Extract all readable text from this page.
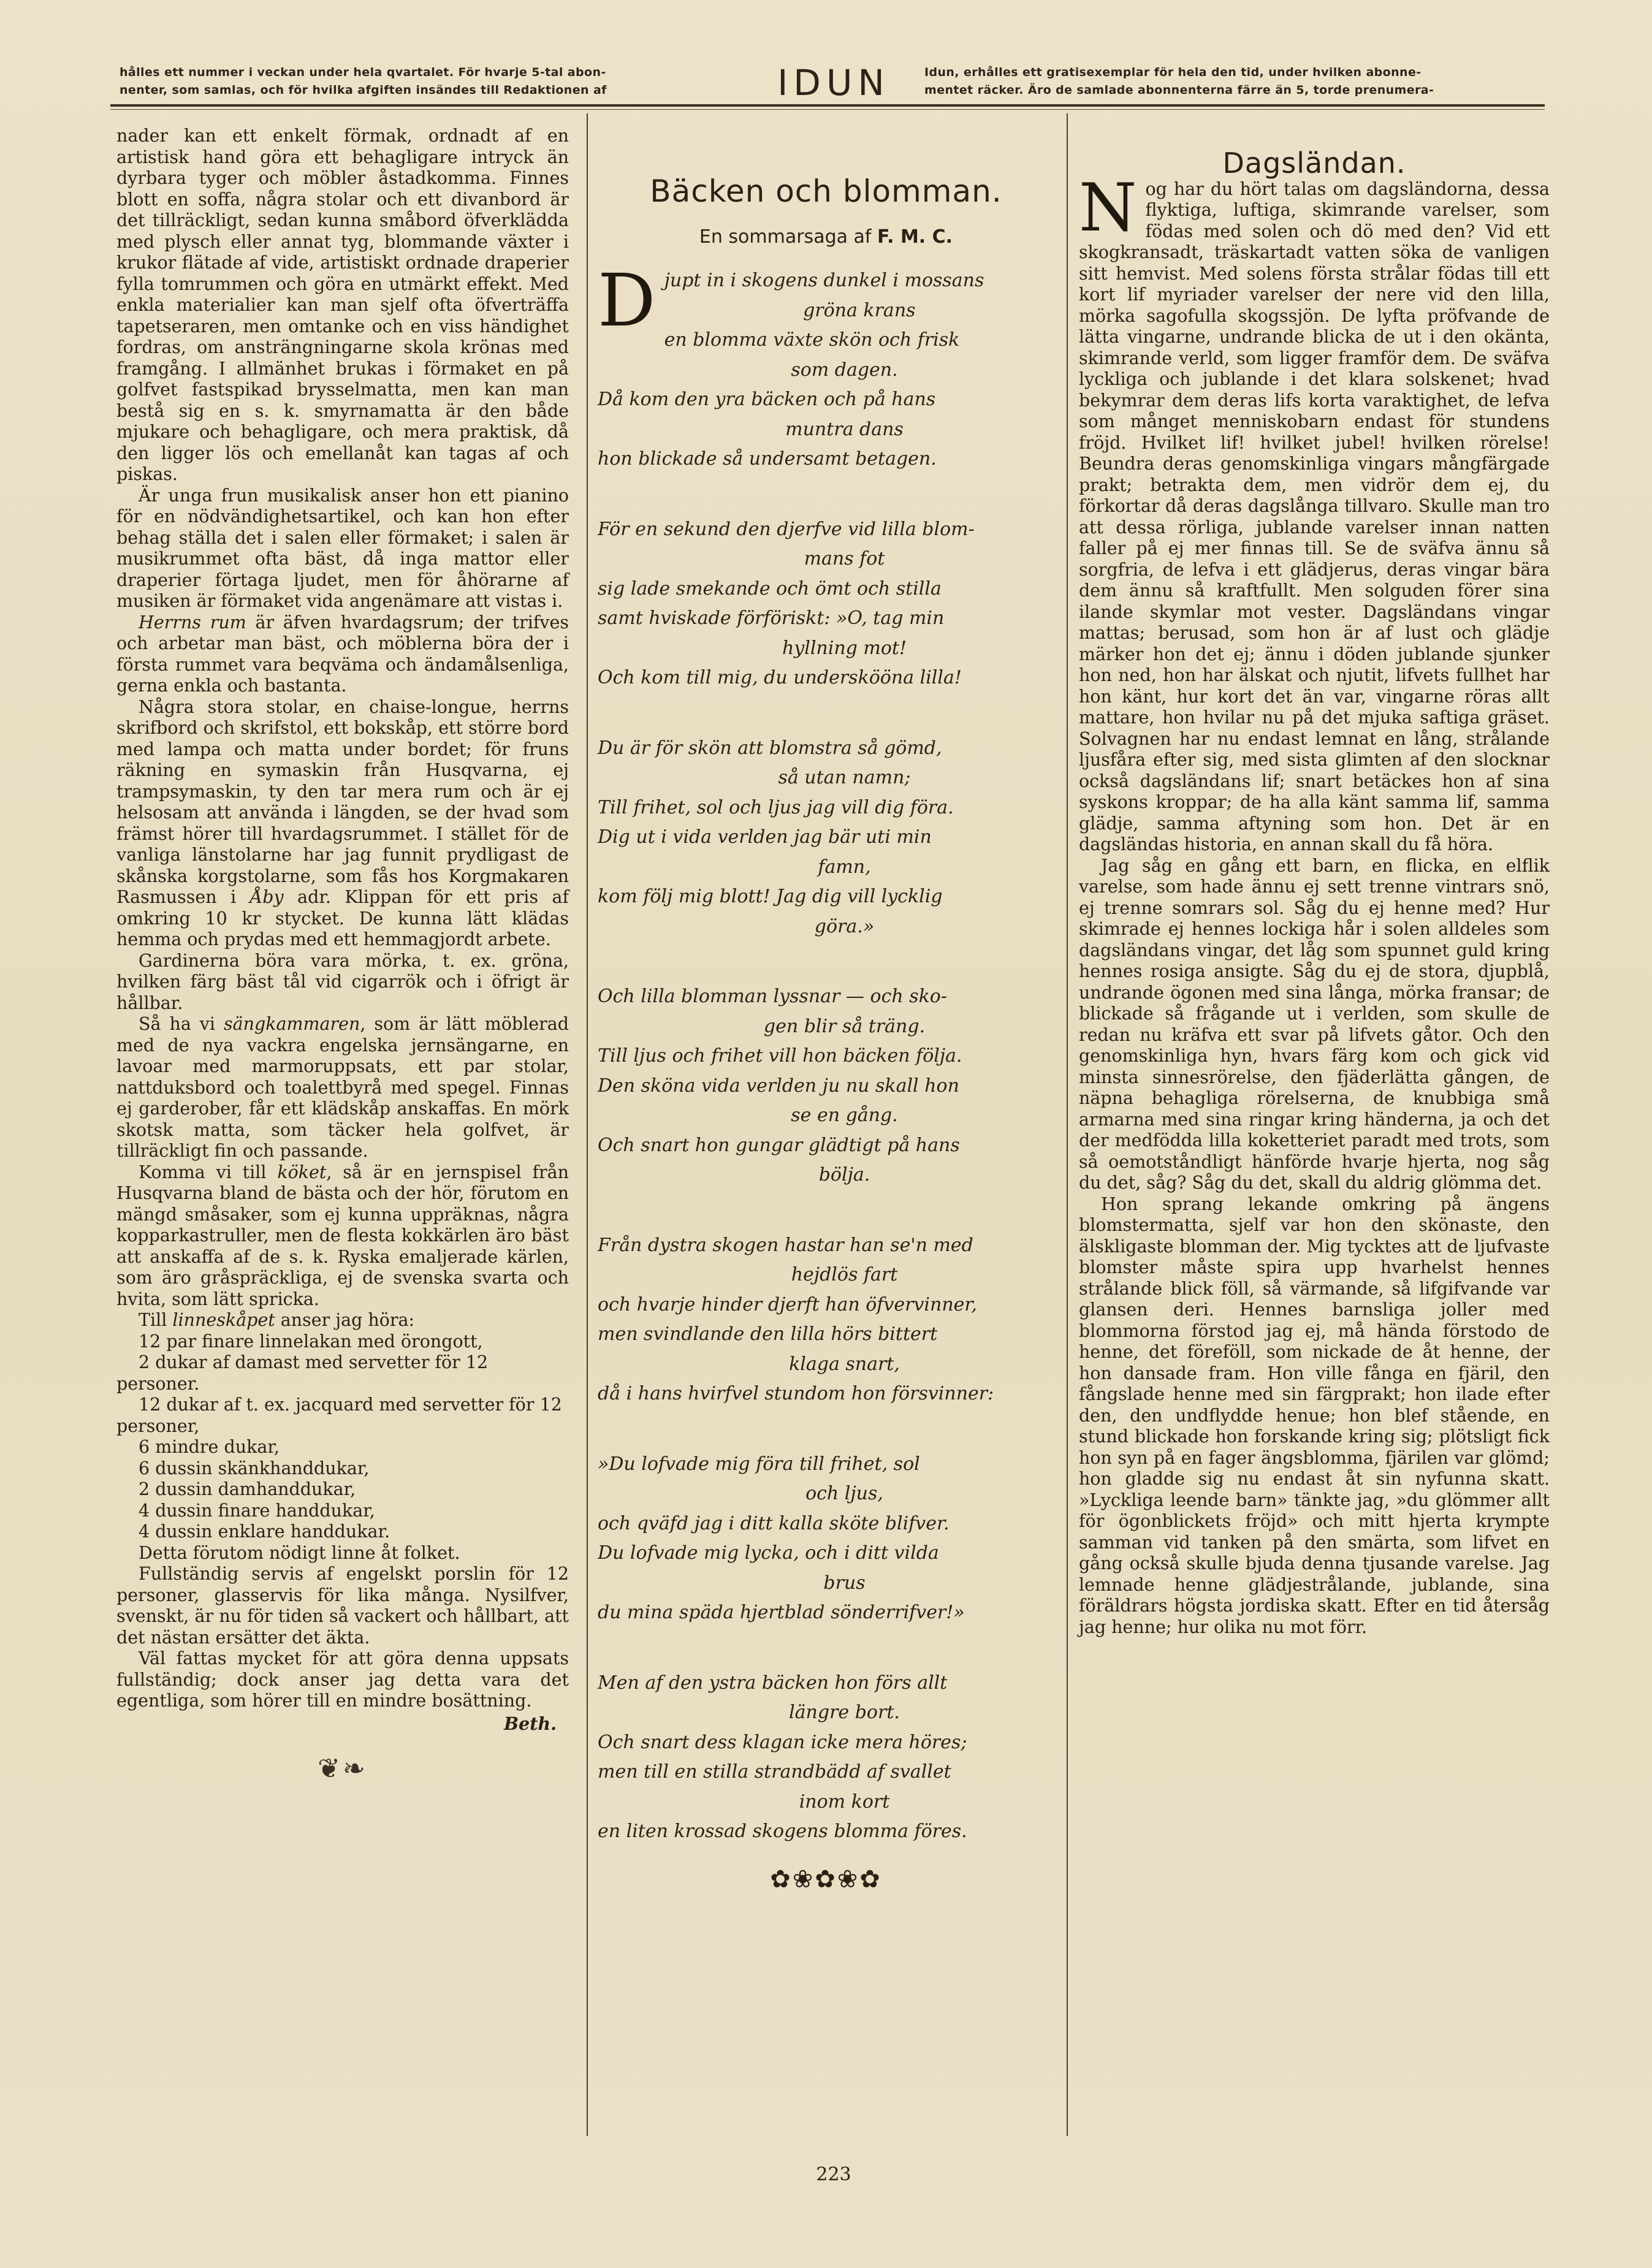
hålles ett nummer i veckan under hela qvartalet. För hvarje 5-tal abon-
nenter, som samlas, och för hvilka afgiften insändes till Redaktionen af	IDUN	Idun, erhålles ett gratisexemplar för hela den tid, under hvilken abonne-
mentet räcker. Äro de samlade abonnenterna färre än 5, torde prenumera-

nader kan ett enkelt förmak, ordnadt af en artistisk hand göra ett behagligare intryck än dyrbara tyger och möbler åstadkomma. Finnes blott en soffa, några stolar och ett divanbord är det tillräckligt, sedan kunna småbord öfverklädda med plysch eller annat tyg, blommande växter i krukor flätade af vide, artistiskt ordnade draperier fylla tomrummen och göra en utmärkt effekt. Med enkla materialier kan man sjelf ofta öfverträffa tapetseraren, men omtanke och en viss händighet fordras, om ansträngningarne skola krönas med framgång. I allmänhet brukas i förmaket en på golfvet fastspikad brysselmatta, men kan man bestå sig en s. k. smyrnamatta är den både mjukare och behagligare, och mera praktisk, då den ligger lös och emellanåt kan tagas af och piskas.

Är unga frun musikalisk anser hon ett pianino för en nödvändighetsartikel, och kan hon efter behag ställa det i salen eller förmaket; i salen är musikrummet ofta bäst, då inga mattor eller draperier förtaga ljudet, men för åhörarne af musiken är förmaket vida angenämare att vistas i.

Herrns rum är äfven hvardagsrum; der trifves och arbetar man bäst, och möblerna böra der i första rummet vara beqväma och ändamålsenliga, gerna enkla och bastanta.

Några stora stolar, en chaise-longue, herrns skrifbord och skrifstol, ett bokskåp, ett större bord med lampa och matta under bordet; för fruns räkning en symaskin från Husqvarna, ej trampsymaskin, ty den tar mera rum och är ej helsosam att använda i längden, se der hvad som främst hörer till hvardagsrummet. I stället för de vanliga länstolarne har jag funnit prydligast de skånska korgstolarne, som fås hos Korgmakaren Rasmussen i Åby adr. Klippan för ett pris af omkring 10 kr stycket. De kunna lätt klädas hemma och prydas med ett hemmagjordt arbete.

Gardinerna böra vara mörka, t. ex. gröna, hvilken färg bäst tål vid cigarrök och i öfrigt är hållbar.

Så ha vi sängkammaren, som är lätt möblerad med de nya vackra engelska jernsängarne, en lavoar med marmoruppsats, ett par stolar, nattduksbord och toalettbyrå med spegel. Finnas ej garderober, får ett klädskåp anskaffas. En mörk skotsk matta, som täcker hela golfvet, är tillräckligt fin och passande.

Komma vi till köket, så är en jernspisel från Husqvarna bland de bästa och der hör, förutom en mängd småsaker, som ej kunna uppräknas, några kopparkastruller, men de flesta kokkärlen äro bäst att anskaffa af de s. k. Ryska emaljerade kärlen, som äro gråspräckliga, ej de svenska svarta och hvita, som lätt spricka.

Till linneskåpet anser jag höra:

12 par finare linnelakan med örongott,

2 dukar af damast med servetter för 12 personer.

12 dukar af t. ex. jacquard med servetter för 12 personer,

6 mindre dukar,

6 dussin skänkhanddukar,

2 dussin damhanddukar,

4 dussin finare handdukar,

4 dussin enklare handdukar.

Detta förutom nödigt linne åt folket.

Fullständig servis af engelskt porslin för 12 personer, glasservis för lika många. Nysilfver, svenskt, är nu för tiden så vackert och hållbart, att det nästan ersätter det äkta.

Väl fattas mycket för att göra denna uppsats fullständig; dock anser jag detta vara det egentliga, som hörer till en mindre bosättning.

Beth.
❦❧
Bäcken och blomman.
En sommarsaga af F. M. C.
D jupt in i skogens dunkel i mossans
gröna krans
en blomma växte skön och frisk
som dagen.
Då kom den yra bäcken och på hans
muntra dans
hon blickade så undersamt betagen.
För en sekund den djerfve vid lilla blom-
mans fot
sig lade smekande och ömt och stilla
samt hviskade förföriskt: »O, tag min
hyllning mot!
Och kom till mig, du underskööna lilla!
Du är för skön att blomstra så gömd,
så utan namn;
Till frihet, sol och ljus jag vill dig föra.
Dig ut i vida verlden jag bär uti min
famn,
kom följ mig blott! Jag dig vill lycklig
göra.»
Och lilla blomman lyssnar — och sko-
gen blir så träng.
Till ljus och frihet vill hon bäcken följa.
Den sköna vida verlden ju nu skall hon
se en gång.
Och snart hon gungar glädtigt på hans
bölja.
Från dystra skogen hastar han se'n med
hejdlös fart
och hvarje hinder djerft han öfvervinner,
men svindlande den lilla hörs bittert
klaga snart,
då i hans hvirfvel stundom hon försvinner:
»Du lofvade mig föra till frihet, sol
och ljus,
och qväfd jag i ditt kalla sköte blifver.
Du lofvade mig lycka, och i ditt vilda
brus
du mina späda hjertblad sönderrifver!»
Men af den ystra bäcken hon förs allt
längre bort.
Och snart dess klagan icke mera höres;
men till en stilla strandbädd af svallet
inom kort
en liten krossad skogens blomma föres.
✿❀✿❀✿
Dagsländan.

Nog har du hört talas om dagsländorna, dessa flyktiga, luftiga, skimrande varelser, som födas med solen och dö med den? Vid ett skogkransadt, träskartadt vatten söka de vanligen sitt hemvist. Med solens första strålar födas till ett kort lif myriader varelser der nere vid den lilla, mörka sagofulla skogssjön. De lyfta pröfvande de lätta vingarne, undrande blicka de ut i den okänta, skimrande verld, som ligger framför dem. De sväfva lyckliga och jublande i det klara solskenet; hvad bekymrar dem deras lifs korta varaktighet, de lefva som månget menniskobarn endast för stundens fröjd. Hvilket lif! hvilket jubel! hvilken rörelse! Beundra deras genomskinliga vingars mångfärgade prakt; betrakta dem, men vidrör dem ej, du förkortar då deras dagslånga tillvaro. Skulle man tro att dessa rörliga, jublande varelser innan natten faller på ej mer finnas till. Se de sväfva ännu så sorgfria, de lefva i ett glädjerus, deras vingar bära dem ännu så kraftfullt. Men solguden förer sina ilande skymlar mot vester. Dagsländans vingar mattas; berusad, som hon är af lust och glädje märker hon det ej; ännu i döden jublande sjunker hon ned, hon har älskat och njutit, lifvets fullhet har hon känt, hur kort det än var, vingarne röras allt mattare, hon hvilar nu på det mjuka saftiga gräset. Solvagnen har nu endast lemnat en lång, strålande ljusfåra efter sig, med sista glimten af den slocknar också dagsländans lif; snart betäckes hon af sina syskons kroppar; de ha alla känt samma lif, samma glädje, samma aftyning som hon. Det är en dagsländas historia, en annan skall du få höra.

Jag såg en gång ett barn, en flicka, en elflik varelse, som hade ännu ej sett trenne vintrars snö, ej trenne somrars sol. Såg du ej henne med? Hur skimrade ej hennes lockiga hår i solen alldeles som dagsländans vingar, det låg som spunnet guld kring hennes rosiga ansigte. Såg du ej de stora, djupblå, undrande ögonen med sina långa, mörka fransar; de blickade så frågande ut i verlden, som skulle de redan nu kräfva ett svar på lifvets gåtor. Och den genomskinliga hyn, hvars färg kom och gick vid minsta sinnesrörelse, den fjäderlätta gången, de näpna behagliga rörelserna, de knubbiga små armarna med sina ringar kring händerna, ja och det der medfödda lilla koketteriet paradt med trots, som så oemotståndligt hänförde hvarje hjerta, nog såg du det, såg? Såg du det, skall du aldrig glömma det.

Hon sprang lekande omkring på ängens blomstermatta, sjelf var hon den skönaste, den älskligaste blomman der. Mig tycktes att de ljufvaste blomster måste spira upp hvarhelst hennes strålande blick föll, så värmande, så lifgifvande var glansen deri. Hennes barnsliga joller med blommorna förstod jag ej, må hända förstodo de henne, det föreföll, som nickade de åt henne, der hon dansade fram. Hon ville fånga en fjäril, den fångslade henne med sin färgprakt; hon ilade efter den, den undflydde henue; hon blef stående, en stund blickade hon forskande kring sig; plötsligt fick hon syn på en fager ängsblomma, fjärilen var glömd; hon gladde sig nu endast åt sin nyfunna skatt. »Lyckliga leende barn» tänkte jag, »du glömmer allt för ögonblickets fröjd» och mitt hjerta krympte samman vid tanken på den smärta, som lifvet en gång också skulle bjuda denna tjusande varelse. Jag lemnade henne glädjestrålande, jublande, sina föräldrars högsta jordiska skatt. Efter en tid återsåg jag henne; hur olika nu mot förr.

223
